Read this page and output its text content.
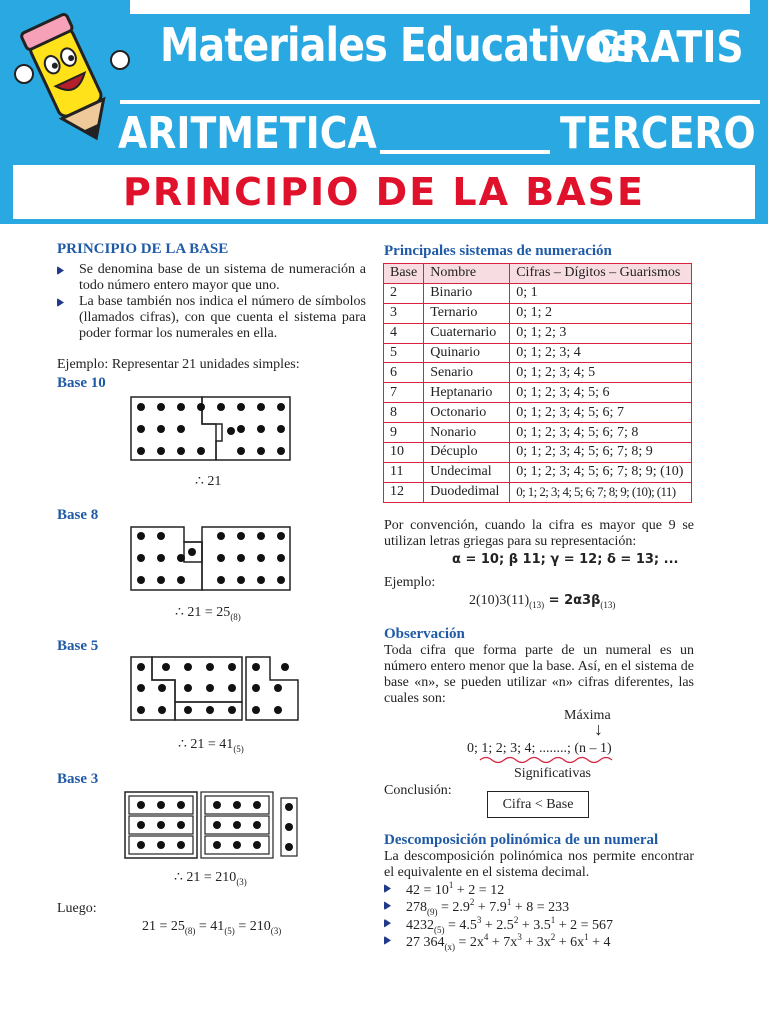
Materiales Educativos
GRATIS
ARITMETICA	TERCERO
PRINCIPIO DE LA BASE
PRINCIPIO DE LA BASE
Se denomina base de un sistema de numeración a todo número entero mayor que uno.
La base también nos indica el número de símbolos (llamados cifras), con que cuenta el sistema para poder formar los numerales en ella.
Ejemplo: Representar 21 unidades simples:
Base 10
∴ 21
Base 8
∴ $21 = 25_{(8)}$
Base 5
∴ $21 = 41_{(5)}$
Base 3
∴ $21 = 210_{(3)}$
Luego:
$21 = 25_{(8)} = 41_{(5)} = 210_{(3)}$
Principales sistemas de numeración
Base	Nombre	Cifras – Dígitos – Guarismos
2	Binario	0; 1
3	Ternario	0; 1; 2
4	Cuaternario	0; 1; 2; 3
5	Quinario	0; 1; 2; 3; 4
6	Senario	0; 1; 2; 3; 4; 5
7	Heptanario	0; 1; 2; 3; 4; 5; 6
8	Octonario	0; 1; 2; 3; 4; 5; 6; 7
9	Nonario	0; 1; 2; 3; 4; 5; 6; 7; 8
10	Décuplo	0; 1; 2; 3; 4; 5; 6; 7; 8; 9
11	Undecimal	0; 1; 2; 3; 4; 5; 6; 7; 8; 9; (10)
12	Duodedimal	0; 1; 2; 3; 4; 5; 6; 7; 8; 9; (10); (11)
Por convención, cuando la cifra es mayor que 9 se utilizan letras griegas para su representación:
α = 10; β 11; γ = 12; δ = 13; ...
Ejemplo:
$2(10)3(11)_{(13)} = 2\alpha 3\beta_{(13)}$
Observación
Toda cifra que forma parte de un numeral es un número entero menor que la base. Así, en el sistema de base «n», se pueden utilizar «n» cifras diferentes, las cuales son:
Máxima
↓
0; 1; 2; 3; 4; ........; (n – 1)
Significativas
Conclusión:
Cifra < Base
Descomposición polinómica de un numeral
La descomposición polinómica nos permite encontrar el equivalente en el sistema decimal.
$42 = 10^1 + 2 = 12$
$278_{(9)} = 2.9^2 + 7.9^1 + 8 = 233$
$4232_{(5)} = 4.5^3 + 2.5^2 + 3.5^1 + 2 = 567$
27 $364_{(x)} = 2x^4 + 7x^3 + 3x^2 + 6x^1 + 4$
